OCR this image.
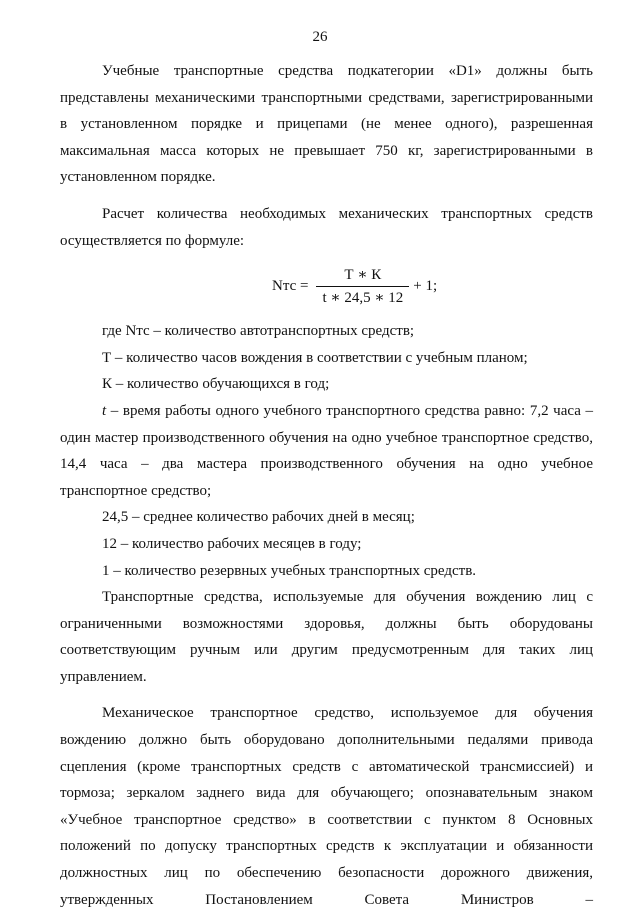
26

Учебные транспортные средства подкатегории «D1» должны быть представлены механическими транспортными средствами, зарегистрированными в установленном порядке и прицепами (не менее одного), разрешенная максимальная масса которых не превышает 750 кг, зарегистрированными в установленном порядке.

Расчет количества необходимых механических транспортных средств осуществляется по формуле:

Nтс = $\frac{Т ∗ К}{t ∗ 24,5 ∗ 12} + 1$;

где Nтс – количество автотранспортных средств;

Т – количество часов вождения в соответствии с учебным планом;

К – количество обучающихся в год;

t – время работы одного учебного транспортного средства равно: 7,2 часа – один мастер производственного обучения на одно учебное транспортное средство, 14,4 часа – два мастера производственного обучения на одно учебное транспортное средство;

24,5 – среднее количество рабочих дней в месяц;

12 – количество рабочих месяцев в году;

1 – количество резервных учебных транспортных средств.

Транспортные средства, используемые для обучения вождению лиц с ограниченными возможностями здоровья, должны быть оборудованы соответствующим ручным или другим предусмотренным для таких лиц управлением.

Механическое транспортное средство, используемое для обучения вождению должно быть оборудовано дополнительными педалями привода сцепления (кроме транспортных средств с автоматической трансмиссией) и тормоза; зеркалом заднего вида для обучающего; опознавательным знаком «Учебное транспортное средство» в соответствии с пунктом 8 Основных положений по допуску транспортных средств к эксплуатации и обязанности должностных лиц по обеспечению безопасности дорожного движения, утвержденных Постановлением Совета Министров –
